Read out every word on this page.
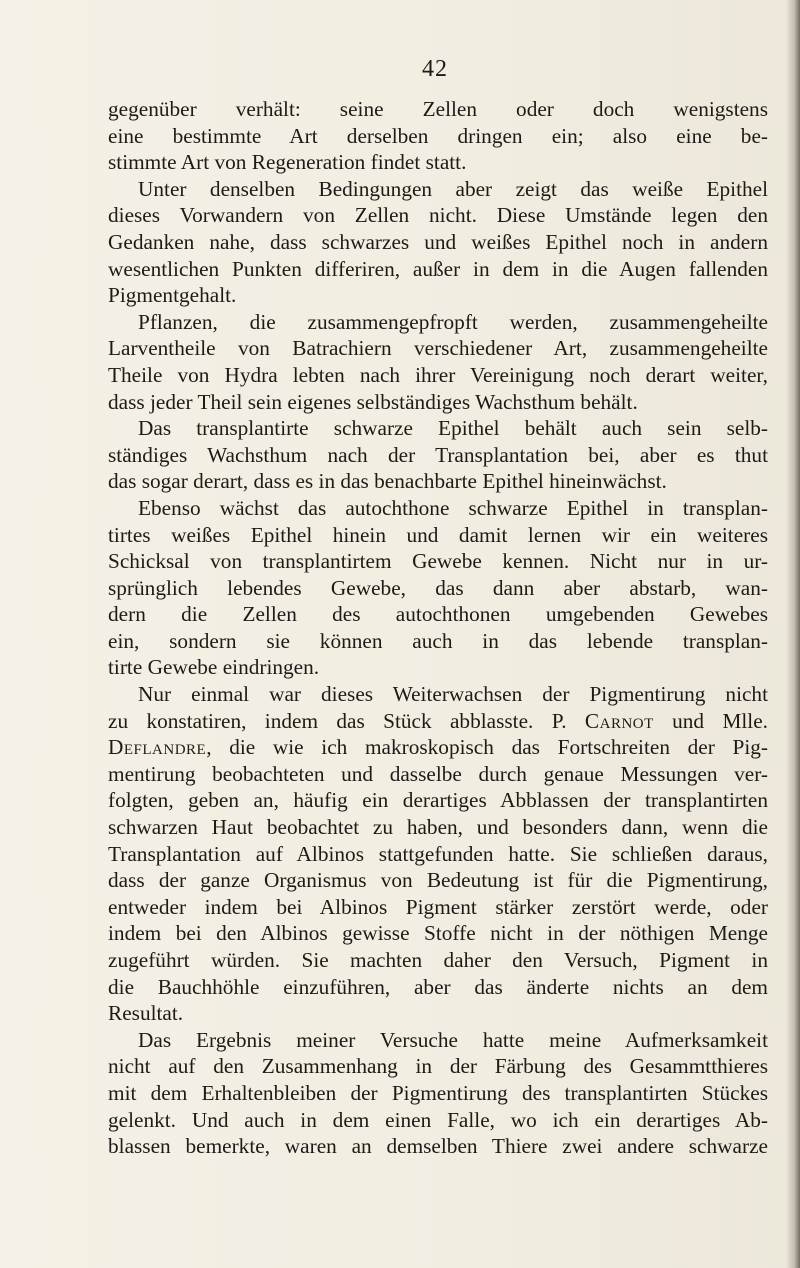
42
gegenüber verhält: seine Zellen oder doch wenigstens
eine bestimmte Art derselben dringen ein; also eine be-
stimmte Art von Regeneration findet statt.
Unter denselben Bedingungen aber zeigt das weiße Epithel
dieses Vorwandern von Zellen nicht. Diese Umstände legen den
Gedanken nahe, dass schwarzes und weißes Epithel noch in andern
wesentlichen Punkten differiren, außer in dem in die Augen fallenden
Pigmentgehalt.
Pflanzen, die zusammengepfropft werden, zusammengeheilte
Larventheile von Batrachiern verschiedener Art, zusammengeheilte
Theile von Hydra lebten nach ihrer Vereinigung noch derart weiter,
dass jeder Theil sein eigenes selbständiges Wachsthum behält.
Das transplantirte schwarze Epithel behält auch sein selb-
ständiges Wachsthum nach der Transplantation bei, aber es thut
das sogar derart, dass es in das benachbarte Epithel hineinwächst.
Ebenso wächst das autochthone schwarze Epithel in transplan-
tirtes weißes Epithel hinein und damit lernen wir ein weiteres
Schicksal von transplantirtem Gewebe kennen. Nicht nur in ur-
sprünglich lebendes Gewebe, das dann aber abstarb, wan-
dern die Zellen des autochthonen umgebenden Gewebes
ein, sondern sie können auch in das lebende transplan-
tirte Gewebe eindringen.
Nur einmal war dieses Weiterwachsen der Pigmentirung nicht
zu konstatiren, indem das Stück abblasste. P. Carnot und Mlle.
Deflandre, die wie ich makroskopisch das Fortschreiten der Pig-
mentirung beobachteten und dasselbe durch genaue Messungen ver-
folgten, geben an, häufig ein derartiges Abblassen der transplantirten
schwarzen Haut beobachtet zu haben, und besonders dann, wenn die
Transplantation auf Albinos stattgefunden hatte. Sie schließen daraus,
dass der ganze Organismus von Bedeutung ist für die Pigmentirung,
entweder indem bei Albinos Pigment stärker zerstört werde, oder
indem bei den Albinos gewisse Stoffe nicht in der nöthigen Menge
zugeführt würden. Sie machten daher den Versuch, Pigment in
die Bauchhöhle einzuführen, aber das änderte nichts an dem
Resultat.
Das Ergebnis meiner Versuche hatte meine Aufmerksamkeit
nicht auf den Zusammenhang in der Färbung des Gesammtthieres
mit dem Erhaltenbleiben der Pigmentirung des transplantirten Stückes
gelenkt. Und auch in dem einen Falle, wo ich ein derartiges Ab-
blassen bemerkte, waren an demselben Thiere zwei andere schwarze
